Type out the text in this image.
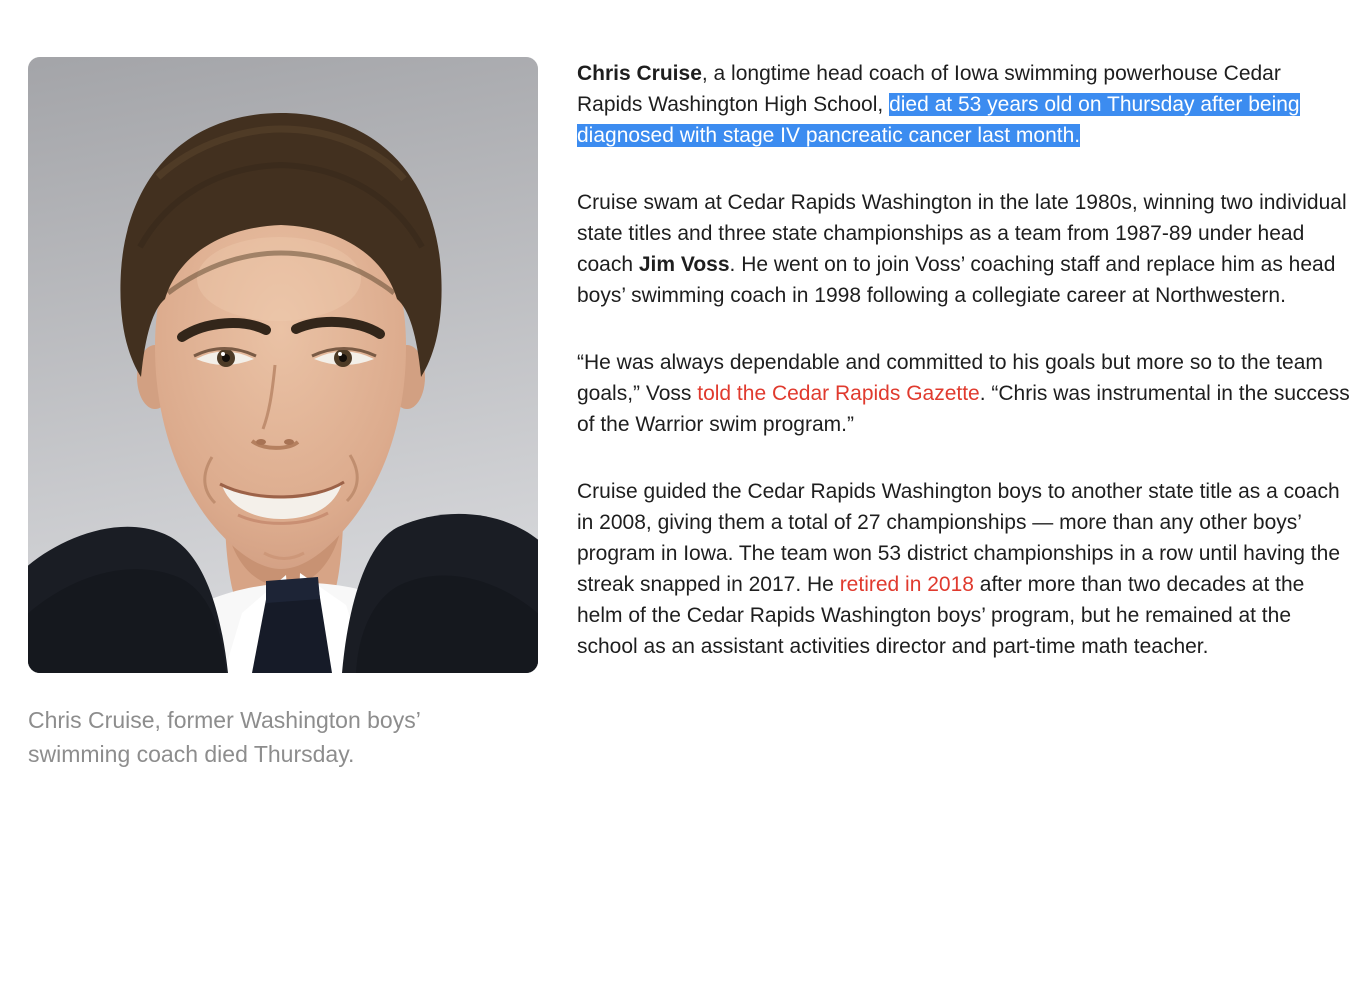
Chris Cruise, former Washington boys’ swimming coach died Thursday.

Chris Cruise, a longtime head coach of Iowa swimming powerhouse Cedar Rapids Washington High School, died at 53 years old on Thursday after being diagnosed with stage IV pancreatic cancer last month.

Cruise swam at Cedar Rapids Washington in the late 1980s, winning two individual state titles and three state championships as a team from 1987-89 under head coach Jim Voss. He went on to join Voss’ coaching staff and replace him as head boys’ swimming coach in 1998 following a collegiate career at Northwestern.

“He was always dependable and committed to his goals but more so to the team goals,” Voss told the Cedar Rapids Gazette. “Chris was instrumental in the success of the Warrior swim program.”

Cruise guided the Cedar Rapids Washington boys to another state title as a coach in 2008, giving them a total of 27 championships — more than any other boys’ program in Iowa. The team won 53 district championships in a row until having the streak snapped in 2017. He retired in 2018 after more than two decades at the helm of the Cedar Rapids Washington boys’ program, but he remained at the school as an assistant activities director and part-time math teacher.
